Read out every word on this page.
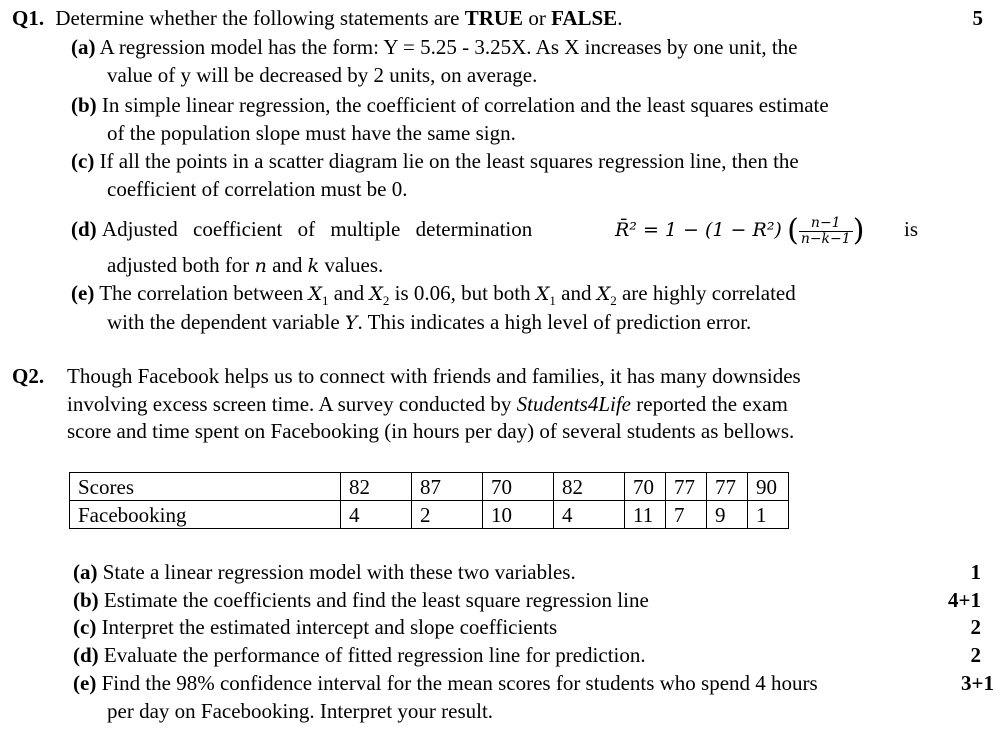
Q1. Determine whether the following statements are TRUE or FALSE.	5
(a) A regression model has the form: Y = 5.25 - 3.25X. As X increases by one unit, the
value of y will be decreased by 2 units, on average.
(b) In simple linear regression, the coefficient of correlation and the least squares estimate
of the population slope must have the same sign.
(c) If all the points in a scatter diagram lie on the least squares regression line, then the
coefficient of correlation must be 0.
(d) Adjusted coefficient of multiple determination	R̄² = 1 − (1 − R²) ( $\frac{n-1}{n-k-1}$ ) is
adjusted both for n and k values.
(e) The correlation between $X_1$ and $X_2$ is 0.06, but both $X_1$ and $X_2$ are highly correlated
with the dependent variable Y. This indicates a high level of prediction error.
Q2. Though Facebook helps us to connect with friends and families, it has many downsides
involving excess screen time. A survey conducted by Students4Life reported the exam
score and time spent on Facebooking (in hours per day) of several students as bellows.
Scores	82	87	70	82	70	77	77	90
Facebooking	4	2	10	4	11	7	9	1
(a) State a linear regression model with these two variables.	1
(b) Estimate the coefficients and find the least square regression line	4+1
(c) Interpret the estimated intercept and slope coefficients	2
(d) Evaluate the performance of fitted regression line for prediction.	2
(e) Find the 98% confidence interval for the mean scores for students who spend 4 hours
per day on Facebooking. Interpret your result.
3+1
